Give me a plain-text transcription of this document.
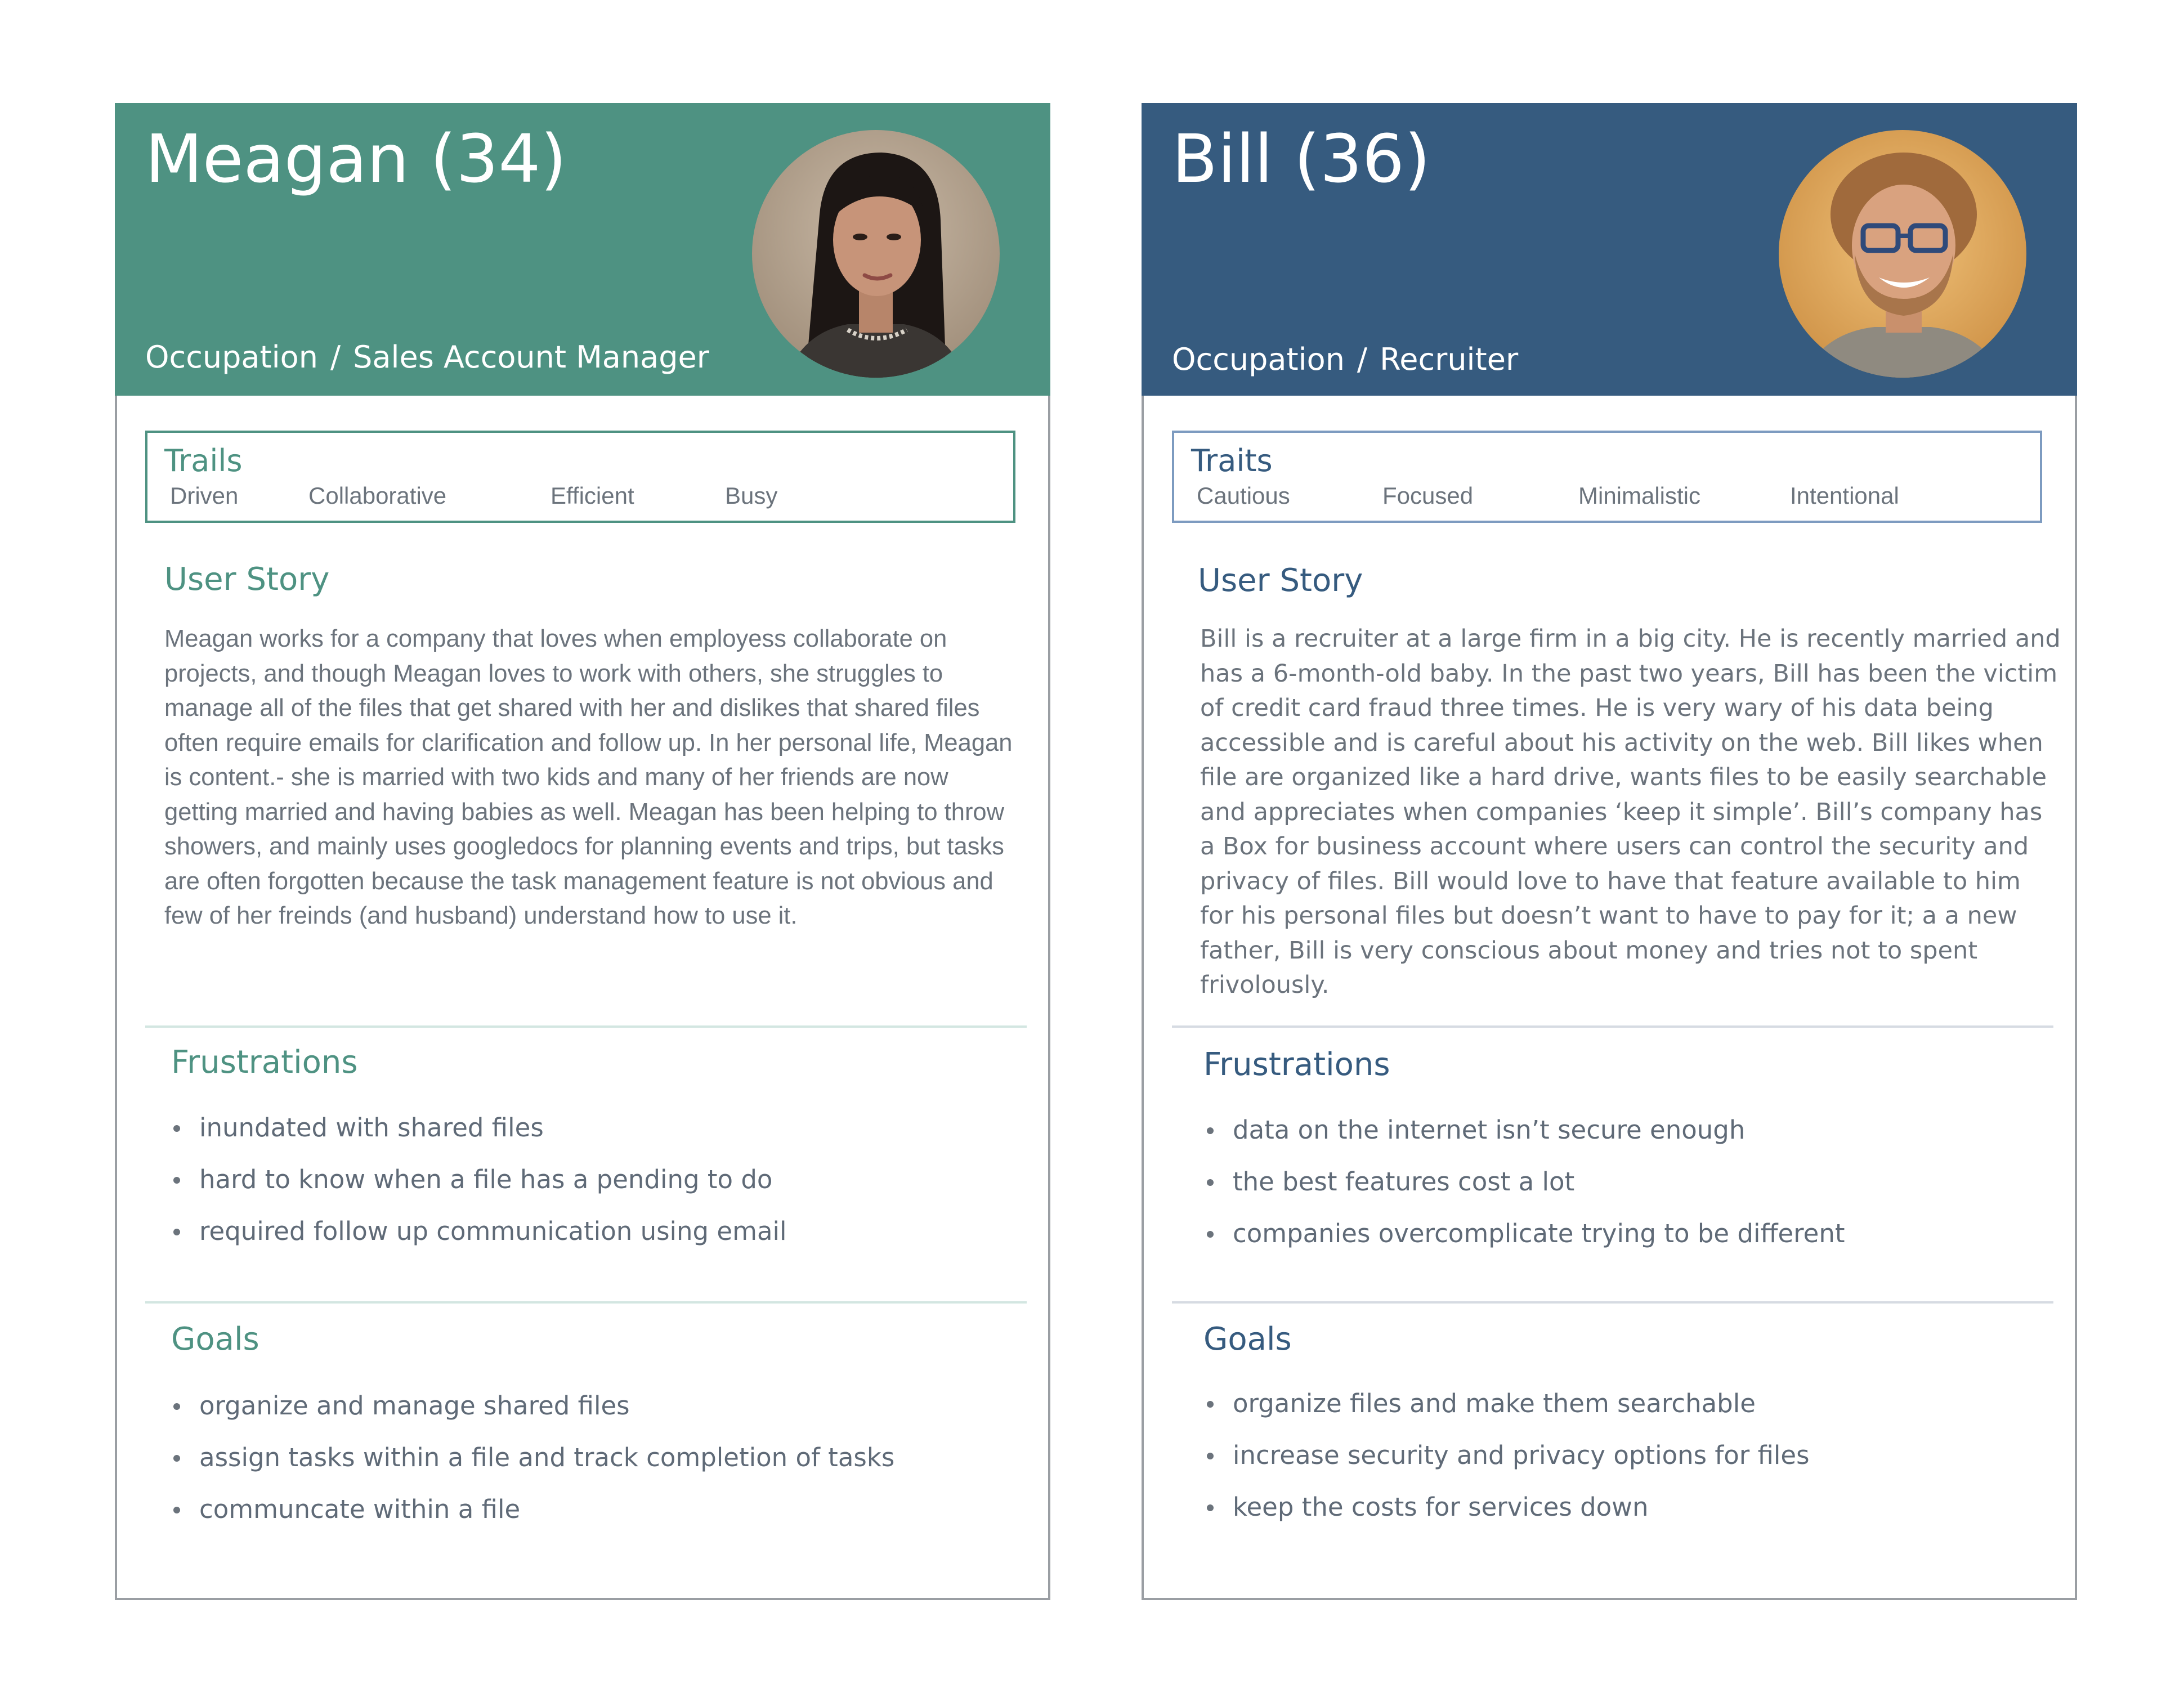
Meagan (34)
Occupation / Sales Account Manager
Trails
Driven	Collaborative	Efficient	Busy
User Story
Meagan works for a company that loves when employess collaborate on projects, and though Meagan loves to work with others, she struggles to manage all of the files that get shared with her and dislikes that shared files often require emails for clarification and follow up. In her personal life, Meagan is content.- she is married with two kids and many of her friends are now getting married and having babies as well. Meagan has been helping to throw showers, and mainly uses googledocs for planning events and trips, but tasks are often forgotten because the task management feature is not obvious and few of her freinds (and husband) understand how to use it.
Frustrations
inundated with shared files
hard to know when a file has a pending to do
required follow up communication using email
Goals
organize and manage shared files
assign tasks within a file and track completion of tasks
communcate within a file
Bill (36)
Occupation / Recruiter
Traits
Cautious	Focused	Minimalistic	Intentional
User Story
Bill is a recruiter at a large firm in a big city. He is recently married and has a 6-month-old baby. In the past two years, Bill has been the victim of credit card fraud three times. He is very wary of his data being accessible and is careful about his activity on the web. Bill likes when file are organized like a hard drive, wants files to be easily searchable and appreciates when companies ‘keep it simple’. Bill’s company has a Box for business account where users can control the security and privacy of files. Bill would love to have that feature available to him for his personal files but doesn’t want to have to pay for it; a a new father, Bill is very conscious about money and tries not to spent frivolously.
Frustrations
data on the internet isn’t secure enough
the best features cost a lot
companies overcomplicate trying to be different
Goals
organize files and make them searchable
increase security and privacy options for files
keep the costs for services down
